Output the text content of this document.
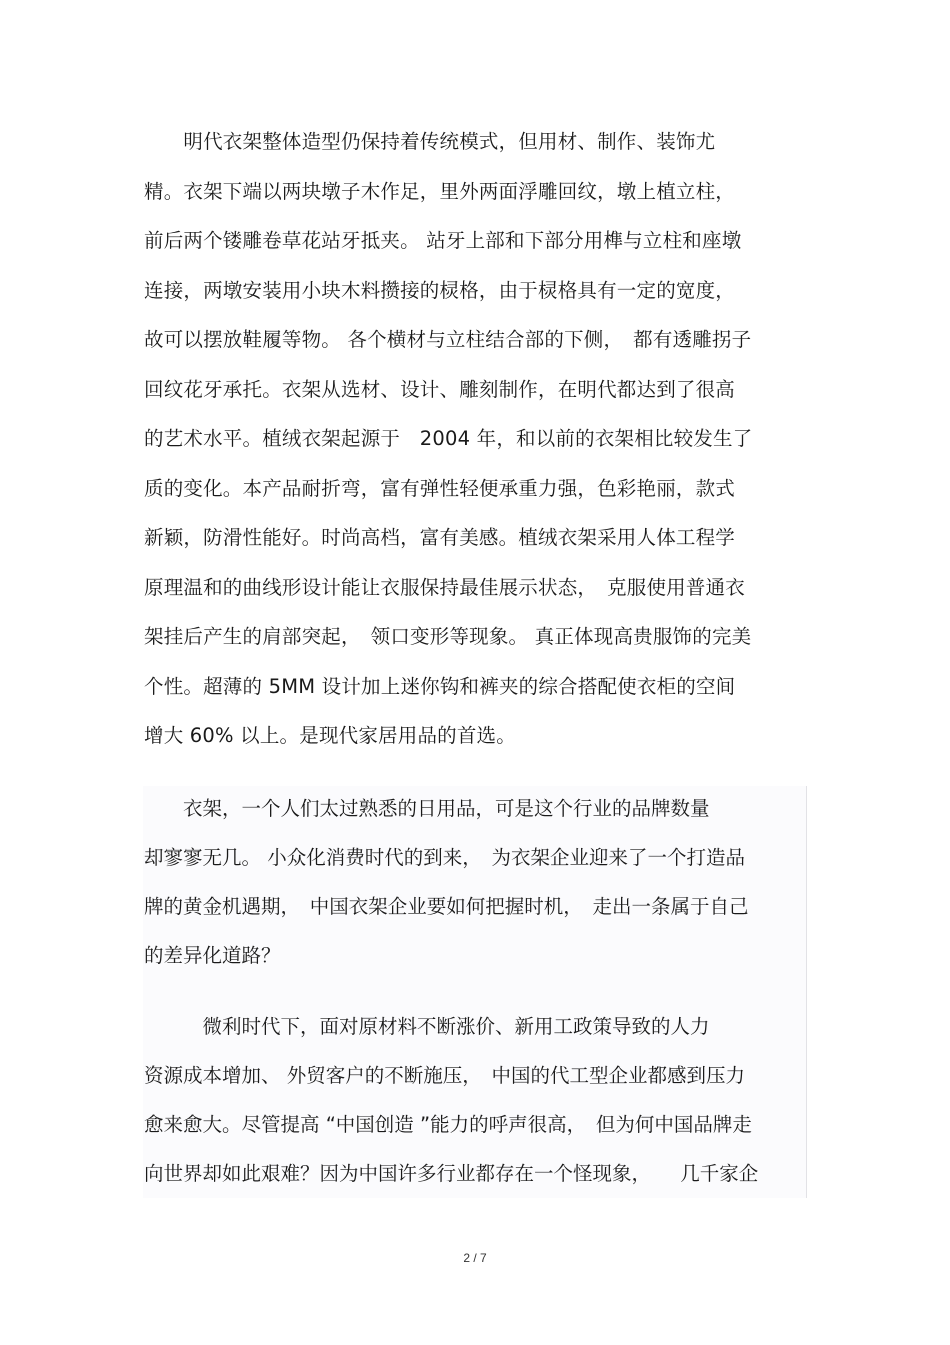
　　明代衣架整体造型仍保持着传统模式，但用材、制作、装饰尤
精。衣架下端以两块墩子木作足，里外两面浮雕回纹，墩上植立柱，
前后两个镂雕卷草花站牙抵夹。 站牙上部和下部分用榫与立柱和座墩
连接，两墩安装用小块木料攒接的棂格，由于棂格具有一定的宽度，
故可以摆放鞋履等物。 各个横材与立柱结合部的下侧，　都有透雕拐子
回纹花牙承托。衣架从选材、设计、雕刻制作，在明代都达到了很高
的艺术水平。植绒衣架起源于　2004 年，和以前的衣架相比较发生了
质的变化。本产品耐折弯，富有弹性轻便承重力强，色彩艳丽，款式
新颖，防滑性能好。时尚高档，富有美感。植绒衣架采用人体工程学
原理温和的曲线形设计能让衣服保持最佳展示状态，　克服使用普通衣
架挂后产生的肩部突起，　领口变形等现象。 真正体现高贵服饰的完美
个性。超薄的 5MM 设计加上迷你钩和裤夹的综合搭配使衣柜的空间
增大 60% 以上。是现代家居用品的首选。
　　衣架，一个人们太过熟悉的日用品，可是这个行业的品牌数量
却寥寥无几。 小众化消费时代的到来，　为衣架企业迎来了一个打造品
牌的黄金机遇期，　中国衣架企业要如何把握时机，　走出一条属于自己
的差异化道路？
　　　微利时代下，面对原材料不断涨价、新用工政策导致的人力
资源成本增加、 外贸客户的不断施压，　中国的代工型企业都感到压力
愈来愈大。尽管提高 “中国创造 ”能力的呼声很高，　但为何中国品牌走
向世界却如此艰难？因为中国许多行业都存在一个怪现象，　　几千家企
2 / 7
